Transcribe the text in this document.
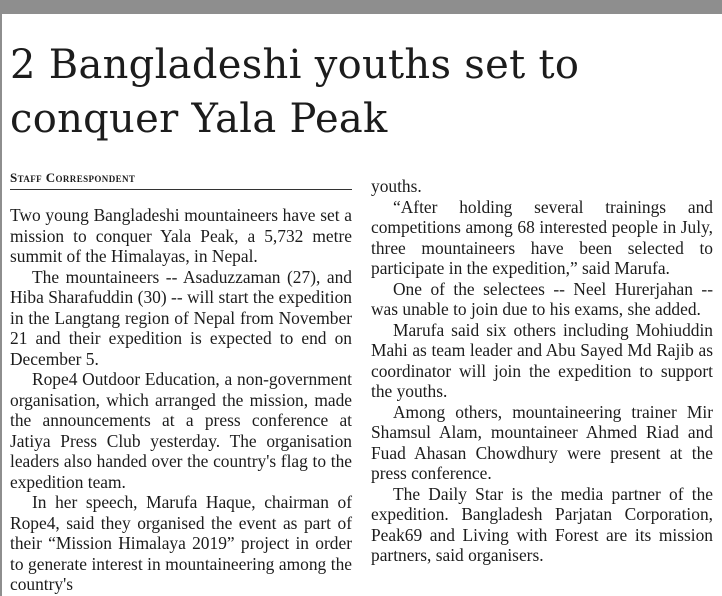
2 Bangladeshi youths set to conquer Yala Peak
Staff Correspondent

Two young Bangladeshi mountaineers have set a mission to conquer Yala Peak, a 5,732 metre summit of the Himalayas, in Nepal.

The mountaineers -- Asaduzzaman (27), and Hiba Sharafuddin (30) -- will start the expedition in the Langtang region of Nepal from November 21 and their expedition is expected to end on December 5.

Rope4 Outdoor Education, a non-government organisation, which arranged the mission, made the announcements at a press conference at Jatiya Press Club yesterday. The organisation leaders also handed over the country's flag to the expedition team.

In her speech, Marufa Haque, chairman of Rope4, said they organised the event as part of their “Mission Himalaya 2019” project in order to generate interest in mountaineering among the country's

youths.

“After holding several trainings and competitions among 68 interested people in July, three mountaineers have been selected to participate in the expedition,” said Marufa.

One of the selectees -- Neel Hurerjahan -- was unable to join due to his exams, she added.

Marufa said six others including Mohiuddin Mahi as team leader and Abu Sayed Md Rajib as coordinator will join the expedition to support the youths.

Among others, mountaineering trainer Mir Shamsul Alam, mountaineer Ahmed Riad and Fuad Ahasan Chowdhury were present at the press conference.

The Daily Star is the media partner of the expedition. Bangladesh Parjatan Corporation, Peak69 and Living with Forest are its mission partners, said organisers.
